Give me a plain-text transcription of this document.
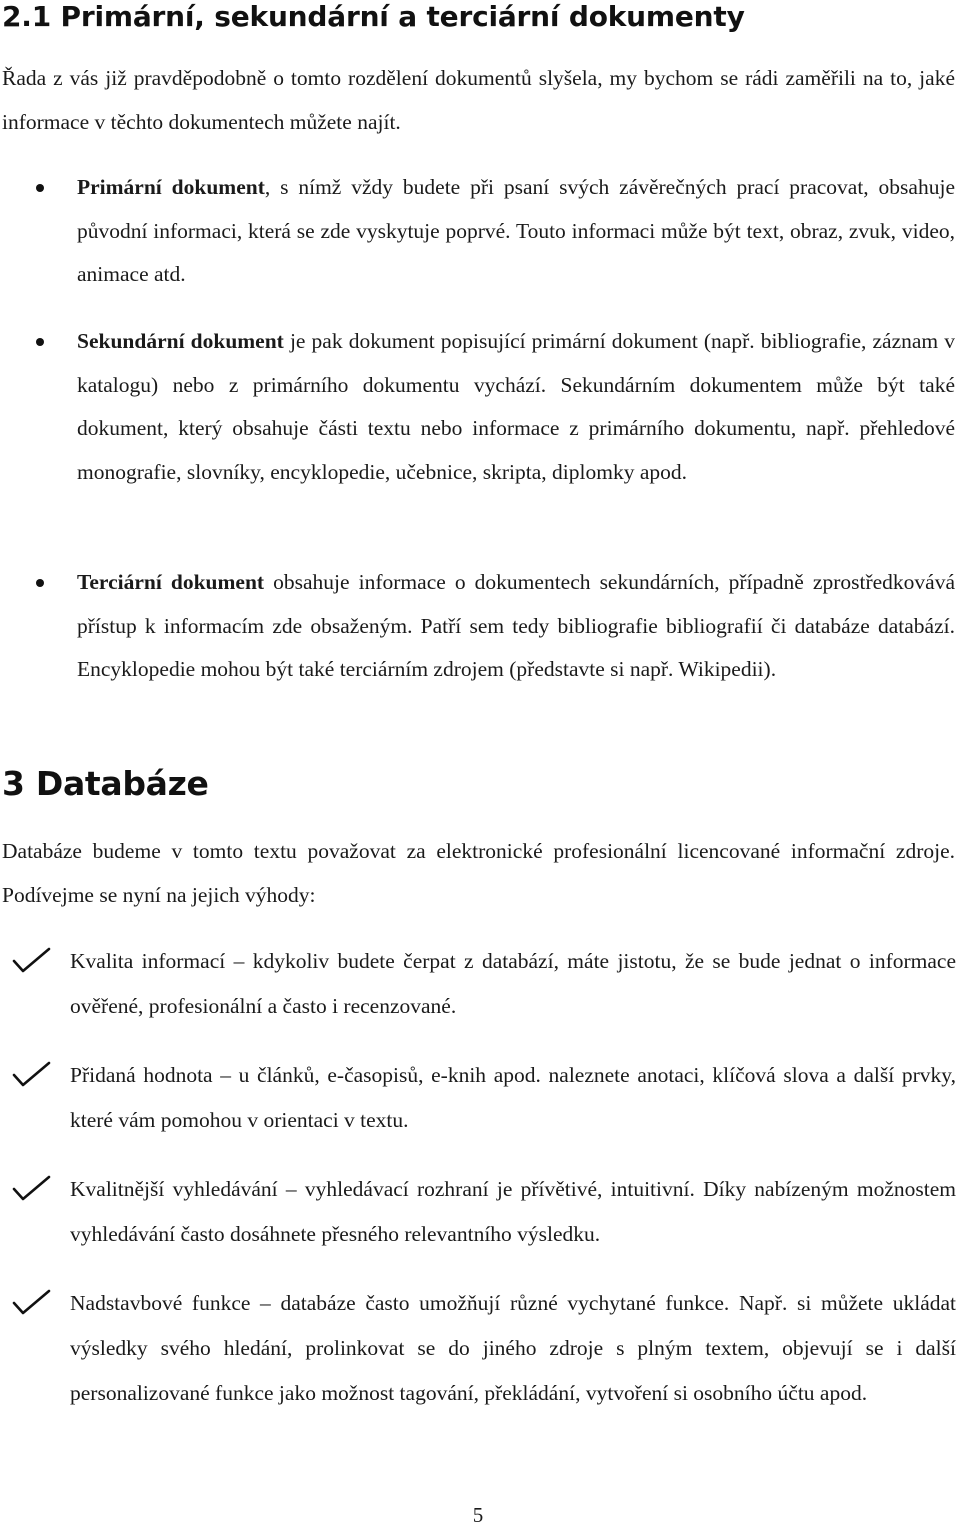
2.1 Primární, sekundární a terciární dokumenty

Řada z vás již pravděpodobně o tomto rozdělení dokumentů slyšela, my bychom se rádi zaměřili na to, jaké informace v těchto dokumentech můžete najít.

Primární dokument, s nímž vždy budete při psaní svých závěrečných prací pracovat, obsahuje původní informaci, která se zde vyskytuje poprvé. Touto informaci může být text, obraz, zvuk, video, animace atd.

Sekundární dokument je pak dokument popisující primární dokument (např. bibliografie, záznam v katalogu) nebo z primárního dokumentu vychází. Sekundárním dokumentem může být také dokument, který obsahuje části textu nebo informace z primárního dokumentu, např. přehledové monografie, slovníky, encyklopedie, učebnice, skripta, diplomky apod.

Terciární dokument obsahuje informace o dokumentech sekundárních, případně zprostředkovává přístup k informacím zde obsaženým. Patří sem tedy bibliografie bibliografií či databáze databází. Encyklopedie mohou být také terciárním zdrojem (představte si např. Wikipedii).

3 Databáze

Databáze budeme v tomto textu považovat za elektronické profesionální licencované informační zdroje. Podívejme se nyní na jejich výhody:

Kvalita informací – kdykoliv budete čerpat z databází, máte jistotu, že se bude jednat o informace ověřené, profesionální a často i recenzované.

Přidaná hodnota – u článků, e-časopisů, e-knih apod. naleznete anotaci, klíčová slova a další prvky, které vám pomohou v orientaci v textu.

Kvalitnější vyhledávání – vyhledávací rozhraní je přívětivé, intuitivní. Díky nabízeným možnostem vyhledávání často dosáhnete přesného relevantního výsledku.

Nadstavbové funkce – databáze často umožňují různé vychytané funkce. Např. si můžete ukládat výsledky svého hledání, prolinkovat se do jiného zdroje s plným textem, objevují se i další personalizované funkce jako možnost tagování, překládání, vytvoření si osobního účtu apod.

5
